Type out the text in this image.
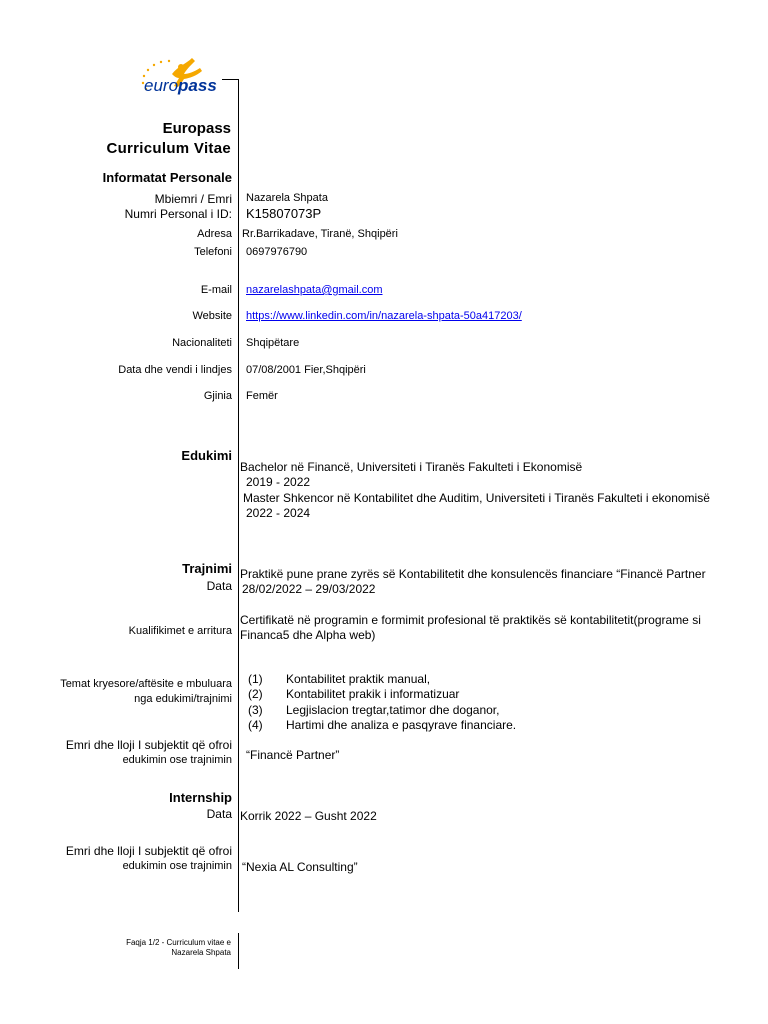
europass
Europass
Curriculum Vitae
Informatat Personale
Mbiemri / Emri Nazarela Shpata
Numri Personal i ID: K15807073P
Adresa Rr.Barrikadave, Tiranë, Shqipëri
Telefoni 0697976790
E-mail nazarelashpata@gmail.com
Website https://www.linkedin.com/in/nazarela-shpata-50a417203/
Nacionaliteti Shqipëtare
Data dhe vendi i lindjes 07/08/2001 Fier,Shqipëri
Gjinia Femër
Edukimi
Bachelor në Financë, Universiteti i Tiranës Fakulteti i Ekonomisë
2019 - 2022
Master Shkencor në Kontabilitet dhe Auditim, Universiteti i Tiranës Fakulteti i ekonomisë
2022 - 2024
Trajnimi
Data
Praktikë pune prane zyrës së Kontabilitetit dhe konsulencës financiare “Financë Partner
28/02/2022 – 29/03/2022
Kualifikimet e arritura
Certifikatë në programin e formimit profesional të praktikës së kontabilitetit(programe si
Financa5 dhe Alpha web)
Temat kryesore/aftësite e mbuluara
nga edukimi/trajnimi
(1) Kontabilitet praktik manual,
(2) Kontabilitet prakik i informatizuar
(3) Legjislacion tregtar,tatimor dhe doganor,
(4) Hartimi dhe analiza e pasqyrave financiare.
Emri dhe lloji I subjektit që ofroi
edukimin ose trajnimin “Financë Partner”
Internship
Data Korrik 2022 – Gusht 2022
Emri dhe lloji I subjektit që ofroi
edukimin ose trajnimin “Nexia AL Consulting”
Faqja 1/2 - Curriculum vitae e
Nazarela Shpata
